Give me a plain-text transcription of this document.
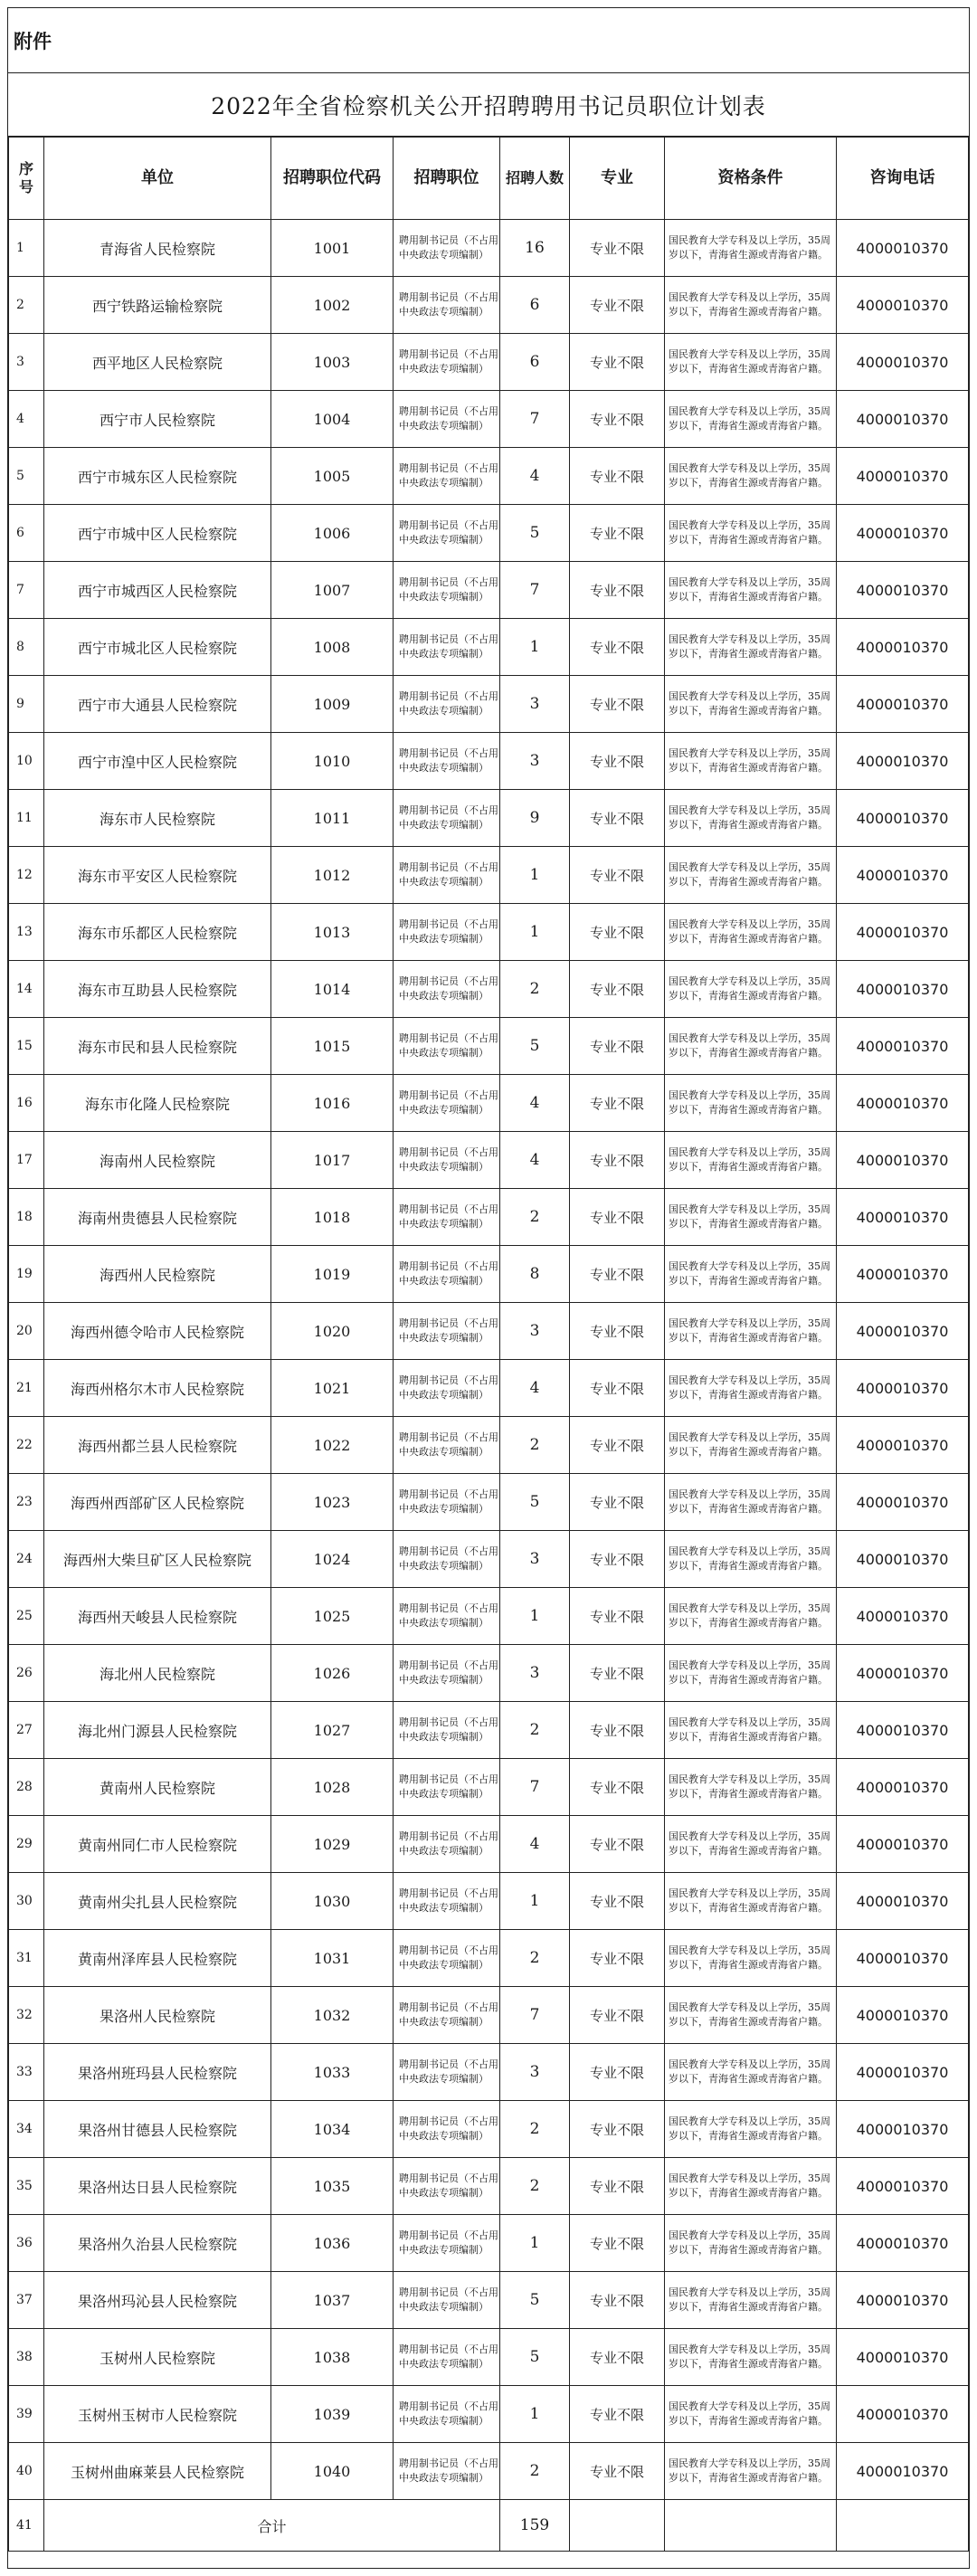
附件
2022年全省检察机关公开招聘聘用书记员职位计划表
序号	单位	招聘职位代码	招聘职位	招聘人数	专业	资格条件	咨询电话
1	青海省人民检察院	1001	聘用制书记员（不占用中央政法专项编制）	16	专业不限	国民教育大学专科及以上学历，35周岁以下，青海省生源或青海省户籍。	4000010370
2	西宁铁路运输检察院	1002	聘用制书记员（不占用中央政法专项编制）	6	专业不限	国民教育大学专科及以上学历，35周岁以下，青海省生源或青海省户籍。	4000010370
3	西平地区人民检察院	1003	聘用制书记员（不占用中央政法专项编制）	6	专业不限	国民教育大学专科及以上学历，35周岁以下，青海省生源或青海省户籍。	4000010370
4	西宁市人民检察院	1004	聘用制书记员（不占用中央政法专项编制）	7	专业不限	国民教育大学专科及以上学历，35周岁以下，青海省生源或青海省户籍。	4000010370
5	西宁市城东区人民检察院	1005	聘用制书记员（不占用中央政法专项编制）	4	专业不限	国民教育大学专科及以上学历，35周岁以下，青海省生源或青海省户籍。	4000010370
6	西宁市城中区人民检察院	1006	聘用制书记员（不占用中央政法专项编制）	5	专业不限	国民教育大学专科及以上学历，35周岁以下，青海省生源或青海省户籍。	4000010370
7	西宁市城西区人民检察院	1007	聘用制书记员（不占用中央政法专项编制）	7	专业不限	国民教育大学专科及以上学历，35周岁以下，青海省生源或青海省户籍。	4000010370
8	西宁市城北区人民检察院	1008	聘用制书记员（不占用中央政法专项编制）	1	专业不限	国民教育大学专科及以上学历，35周岁以下，青海省生源或青海省户籍。	4000010370
9	西宁市大通县人民检察院	1009	聘用制书记员（不占用中央政法专项编制）	3	专业不限	国民教育大学专科及以上学历，35周岁以下，青海省生源或青海省户籍。	4000010370
10	西宁市湟中区人民检察院	1010	聘用制书记员（不占用中央政法专项编制）	3	专业不限	国民教育大学专科及以上学历，35周岁以下，青海省生源或青海省户籍。	4000010370
11	海东市人民检察院	1011	聘用制书记员（不占用中央政法专项编制）	9	专业不限	国民教育大学专科及以上学历，35周岁以下，青海省生源或青海省户籍。	4000010370
12	海东市平安区人民检察院	1012	聘用制书记员（不占用中央政法专项编制）	1	专业不限	国民教育大学专科及以上学历，35周岁以下，青海省生源或青海省户籍。	4000010370
13	海东市乐都区人民检察院	1013	聘用制书记员（不占用中央政法专项编制）	1	专业不限	国民教育大学专科及以上学历，35周岁以下，青海省生源或青海省户籍。	4000010370
14	海东市互助县人民检察院	1014	聘用制书记员（不占用中央政法专项编制）	2	专业不限	国民教育大学专科及以上学历，35周岁以下，青海省生源或青海省户籍。	4000010370
15	海东市民和县人民检察院	1015	聘用制书记员（不占用中央政法专项编制）	5	专业不限	国民教育大学专科及以上学历，35周岁以下，青海省生源或青海省户籍。	4000010370
16	海东市化隆人民检察院	1016	聘用制书记员（不占用中央政法专项编制）	4	专业不限	国民教育大学专科及以上学历，35周岁以下，青海省生源或青海省户籍。	4000010370
17	海南州人民检察院	1017	聘用制书记员（不占用中央政法专项编制）	4	专业不限	国民教育大学专科及以上学历，35周岁以下，青海省生源或青海省户籍。	4000010370
18	海南州贵德县人民检察院	1018	聘用制书记员（不占用中央政法专项编制）	2	专业不限	国民教育大学专科及以上学历，35周岁以下，青海省生源或青海省户籍。	4000010370
19	海西州人民检察院	1019	聘用制书记员（不占用中央政法专项编制）	8	专业不限	国民教育大学专科及以上学历，35周岁以下，青海省生源或青海省户籍。	4000010370
20	海西州德令哈市人民检察院	1020	聘用制书记员（不占用中央政法专项编制）	3	专业不限	国民教育大学专科及以上学历，35周岁以下，青海省生源或青海省户籍。	4000010370
21	海西州格尔木市人民检察院	1021	聘用制书记员（不占用中央政法专项编制）	4	专业不限	国民教育大学专科及以上学历，35周岁以下，青海省生源或青海省户籍。	4000010370
22	海西州都兰县人民检察院	1022	聘用制书记员（不占用中央政法专项编制）	2	专业不限	国民教育大学专科及以上学历，35周岁以下，青海省生源或青海省户籍。	4000010370
23	海西州西部矿区人民检察院	1023	聘用制书记员（不占用中央政法专项编制）	5	专业不限	国民教育大学专科及以上学历，35周岁以下，青海省生源或青海省户籍。	4000010370
24	海西州大柴旦矿区人民检察院	1024	聘用制书记员（不占用中央政法专项编制）	3	专业不限	国民教育大学专科及以上学历，35周岁以下，青海省生源或青海省户籍。	4000010370
25	海西州天峻县人民检察院	1025	聘用制书记员（不占用中央政法专项编制）	1	专业不限	国民教育大学专科及以上学历，35周岁以下，青海省生源或青海省户籍。	4000010370
26	海北州人民检察院	1026	聘用制书记员（不占用中央政法专项编制）	3	专业不限	国民教育大学专科及以上学历，35周岁以下，青海省生源或青海省户籍。	4000010370
27	海北州门源县人民检察院	1027	聘用制书记员（不占用中央政法专项编制）	2	专业不限	国民教育大学专科及以上学历，35周岁以下，青海省生源或青海省户籍。	4000010370
28	黄南州人民检察院	1028	聘用制书记员（不占用中央政法专项编制）	7	专业不限	国民教育大学专科及以上学历，35周岁以下，青海省生源或青海省户籍。	4000010370
29	黄南州同仁市人民检察院	1029	聘用制书记员（不占用中央政法专项编制）	4	专业不限	国民教育大学专科及以上学历，35周岁以下，青海省生源或青海省户籍。	4000010370
30	黄南州尖扎县人民检察院	1030	聘用制书记员（不占用中央政法专项编制）	1	专业不限	国民教育大学专科及以上学历，35周岁以下，青海省生源或青海省户籍。	4000010370
31	黄南州泽库县人民检察院	1031	聘用制书记员（不占用中央政法专项编制）	2	专业不限	国民教育大学专科及以上学历，35周岁以下，青海省生源或青海省户籍。	4000010370
32	果洛州人民检察院	1032	聘用制书记员（不占用中央政法专项编制）	7	专业不限	国民教育大学专科及以上学历，35周岁以下，青海省生源或青海省户籍。	4000010370
33	果洛州班玛县人民检察院	1033	聘用制书记员（不占用中央政法专项编制）	3	专业不限	国民教育大学专科及以上学历，35周岁以下，青海省生源或青海省户籍。	4000010370
34	果洛州甘德县人民检察院	1034	聘用制书记员（不占用中央政法专项编制）	2	专业不限	国民教育大学专科及以上学历，35周岁以下，青海省生源或青海省户籍。	4000010370
35	果洛州达日县人民检察院	1035	聘用制书记员（不占用中央政法专项编制）	2	专业不限	国民教育大学专科及以上学历，35周岁以下，青海省生源或青海省户籍。	4000010370
36	果洛州久治县人民检察院	1036	聘用制书记员（不占用中央政法专项编制）	1	专业不限	国民教育大学专科及以上学历，35周岁以下，青海省生源或青海省户籍。	4000010370
37	果洛州玛沁县人民检察院	1037	聘用制书记员（不占用中央政法专项编制）	5	专业不限	国民教育大学专科及以上学历，35周岁以下，青海省生源或青海省户籍。	4000010370
38	玉树州人民检察院	1038	聘用制书记员（不占用中央政法专项编制）	5	专业不限	国民教育大学专科及以上学历，35周岁以下，青海省生源或青海省户籍。	4000010370
39	玉树州玉树市人民检察院	1039	聘用制书记员（不占用中央政法专项编制）	1	专业不限	国民教育大学专科及以上学历，35周岁以下，青海省生源或青海省户籍。	4000010370
40	玉树州曲麻莱县人民检察院	1040	聘用制书记员（不占用中央政法专项编制）	2	专业不限	国民教育大学专科及以上学历，35周岁以下，青海省生源或青海省户籍。	4000010370
41	合计			159			
